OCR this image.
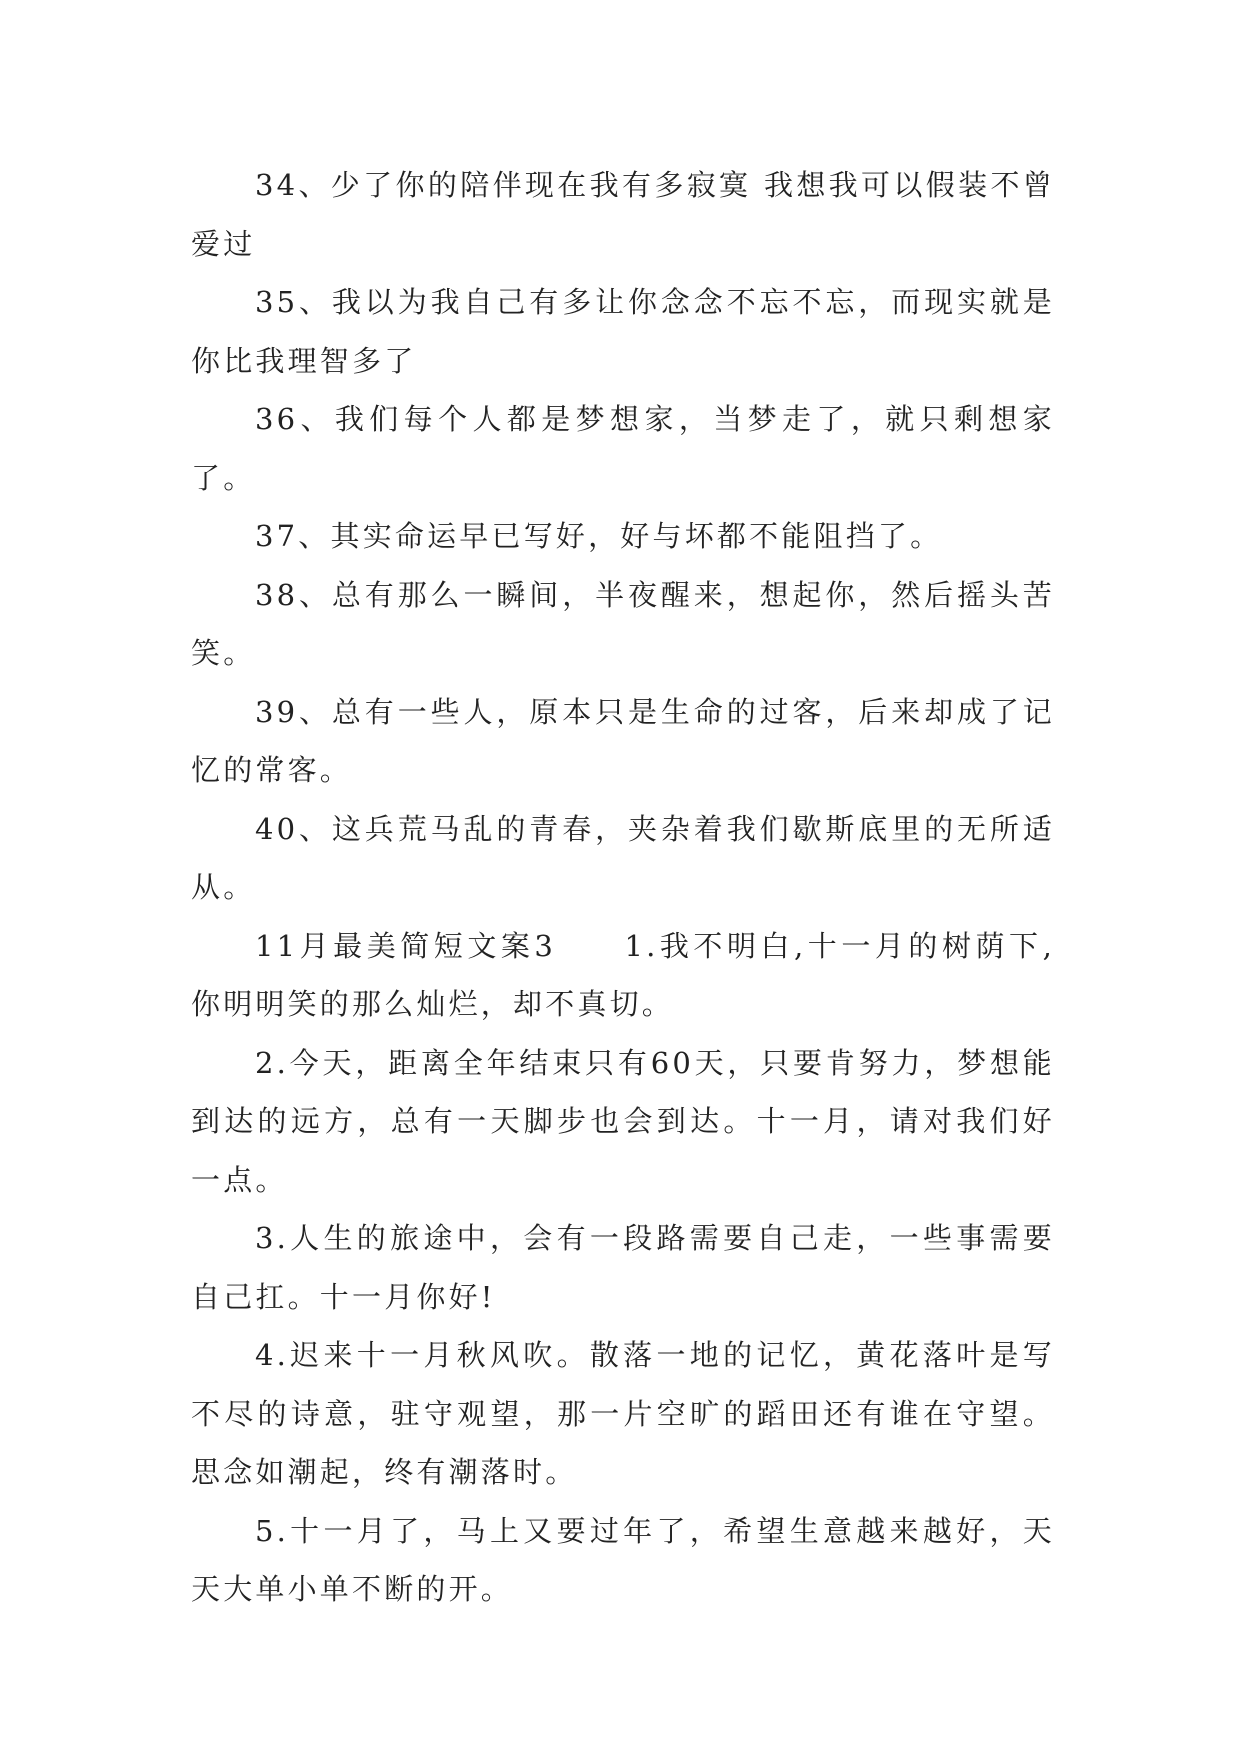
34、少了你的陪伴现在我有多寂寞 我想我可以假装不曾爱过

35、我以为我自己有多让你念念不忘不忘，而现实就是你比我理智多了

36、我们每个人都是梦想家，当梦走了，就只剩想家了。

37、其实命运早已写好，好与坏都不能阻挡了。

38、总有那么一瞬间，半夜醒来，想起你，然后摇头苦笑。

39、总有一些人，原本只是生命的过客，后来却成了记忆的常客。

40、这兵荒马乱的青春，夹杂着我们歇斯底里的无所适从。

11月最美简短文案3　　1.我不明白,十一月的树荫下,你明明笑的那么灿烂，却不真切。

2.今天，距离全年结束只有60天，只要肯努力，梦想能到达的远方，总有一天脚步也会到达。十一月，请对我们好一点。

3.人生的旅途中，会有一段路需要自己走，一些事需要自己扛。十一月你好!

4.迟来十一月秋风吹。散落一地的记忆，黄花落叶是写不尽的诗意，驻守观望，那一片空旷的蹈田还有谁在守望。思念如潮起，终有潮落时。

5.十一月了，马上又要过年了，希望生意越来越好，天天大单小单不断的开。
